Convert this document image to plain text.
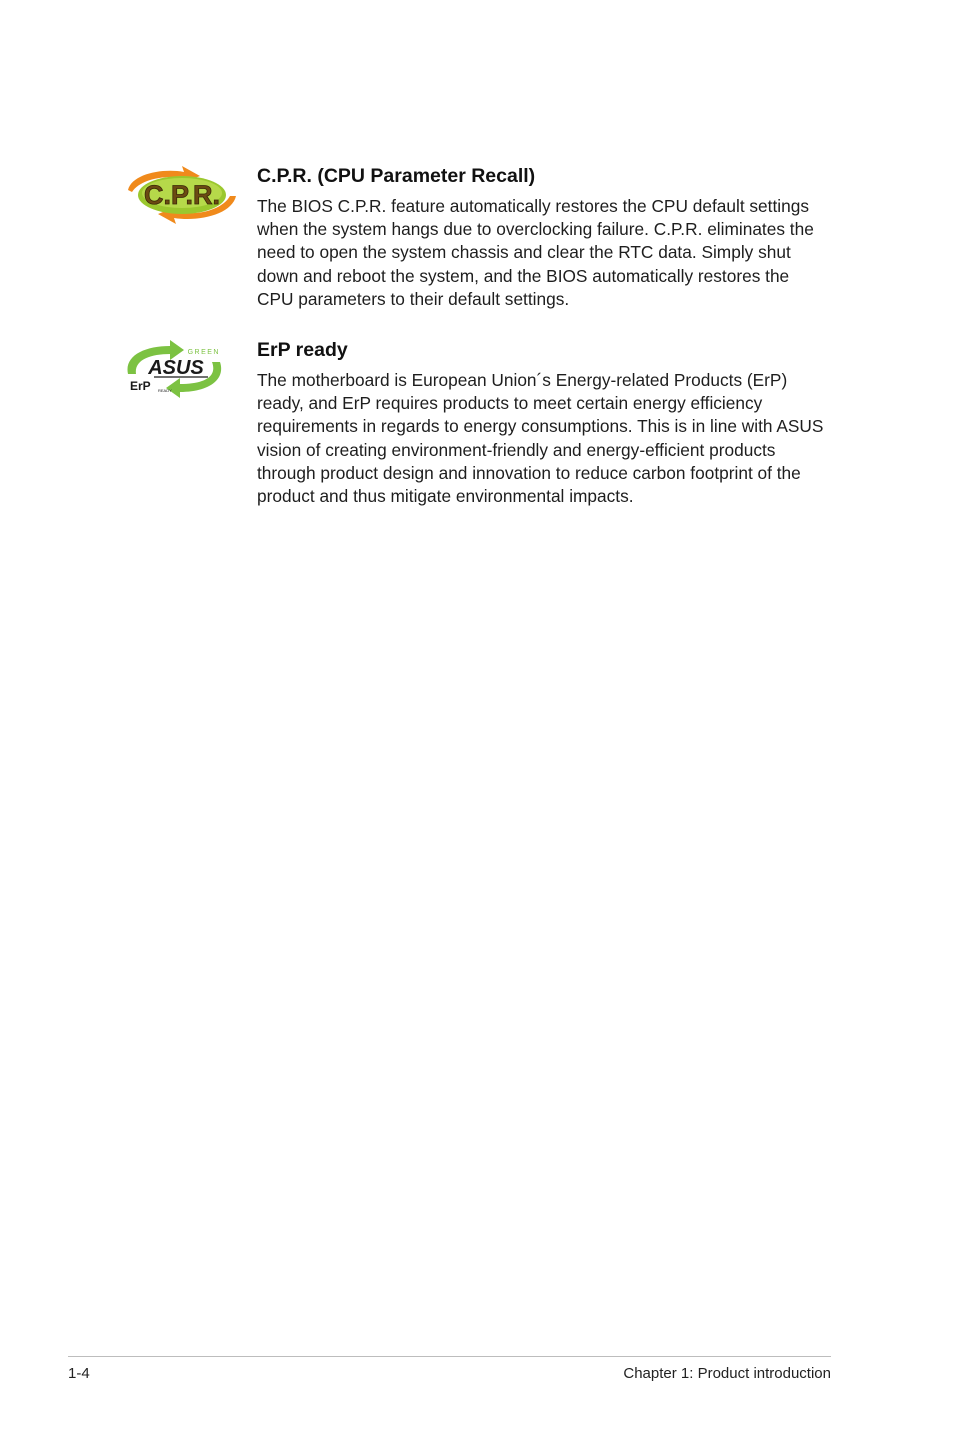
C.P.R.
C.P.R. (CPU Parameter Recall)

The BIOS C.P.R. feature automatically restores the CPU default settings when the system hangs due to overclocking failure. C.P.R. eliminates the need to open the system chassis and clear the RTC data. Simply shut down and reboot the system, and the BIOS automatically restores the CPU parameters to their default settings.

GREEN
ASUS
ErP READY
ErP ready

The motherboard is European Union´s Energy-related Products (ErP) ready, and ErP requires products to meet certain energy efficiency requirements in regards to energy consumptions. This is in line with ASUS vision of creating environment-friendly and energy-efficient products through product design and innovation to reduce carbon footprint of the product and thus mitigate environmental impacts.

1-4	Chapter 1: Product introduction
